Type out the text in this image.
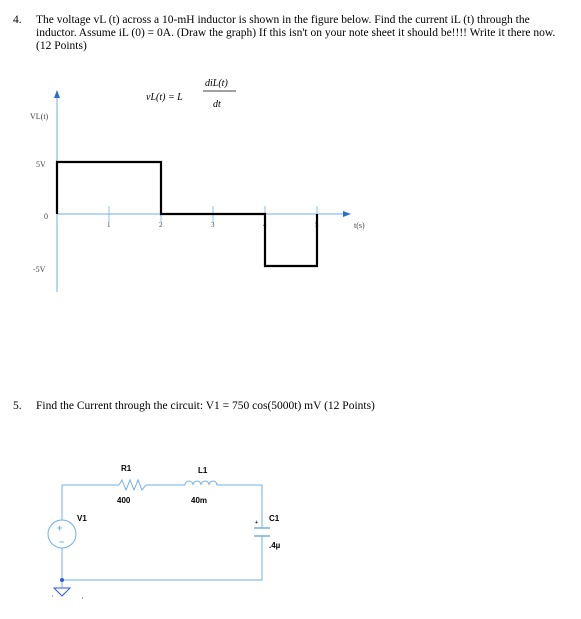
4.	The voltage vL (t) across a 10-mH inductor is shown in the figure below. Find the current iL (t) through the inductor. Assume iL (0) = 0A. (Draw the graph) If this isn't on your note sheet it should be!!!! Write it there now. (12 Points)
vL(t) = L
diL(t)
dt
VL(t)
t(s)
5V
0
-5V
1	2	3	4	5
5.	Find the Current through the circuit: V1 = 750 cos(5000t) mV (12 Points)
R1
400
L1
40m
+ C1
.4µ
+
−
V1
